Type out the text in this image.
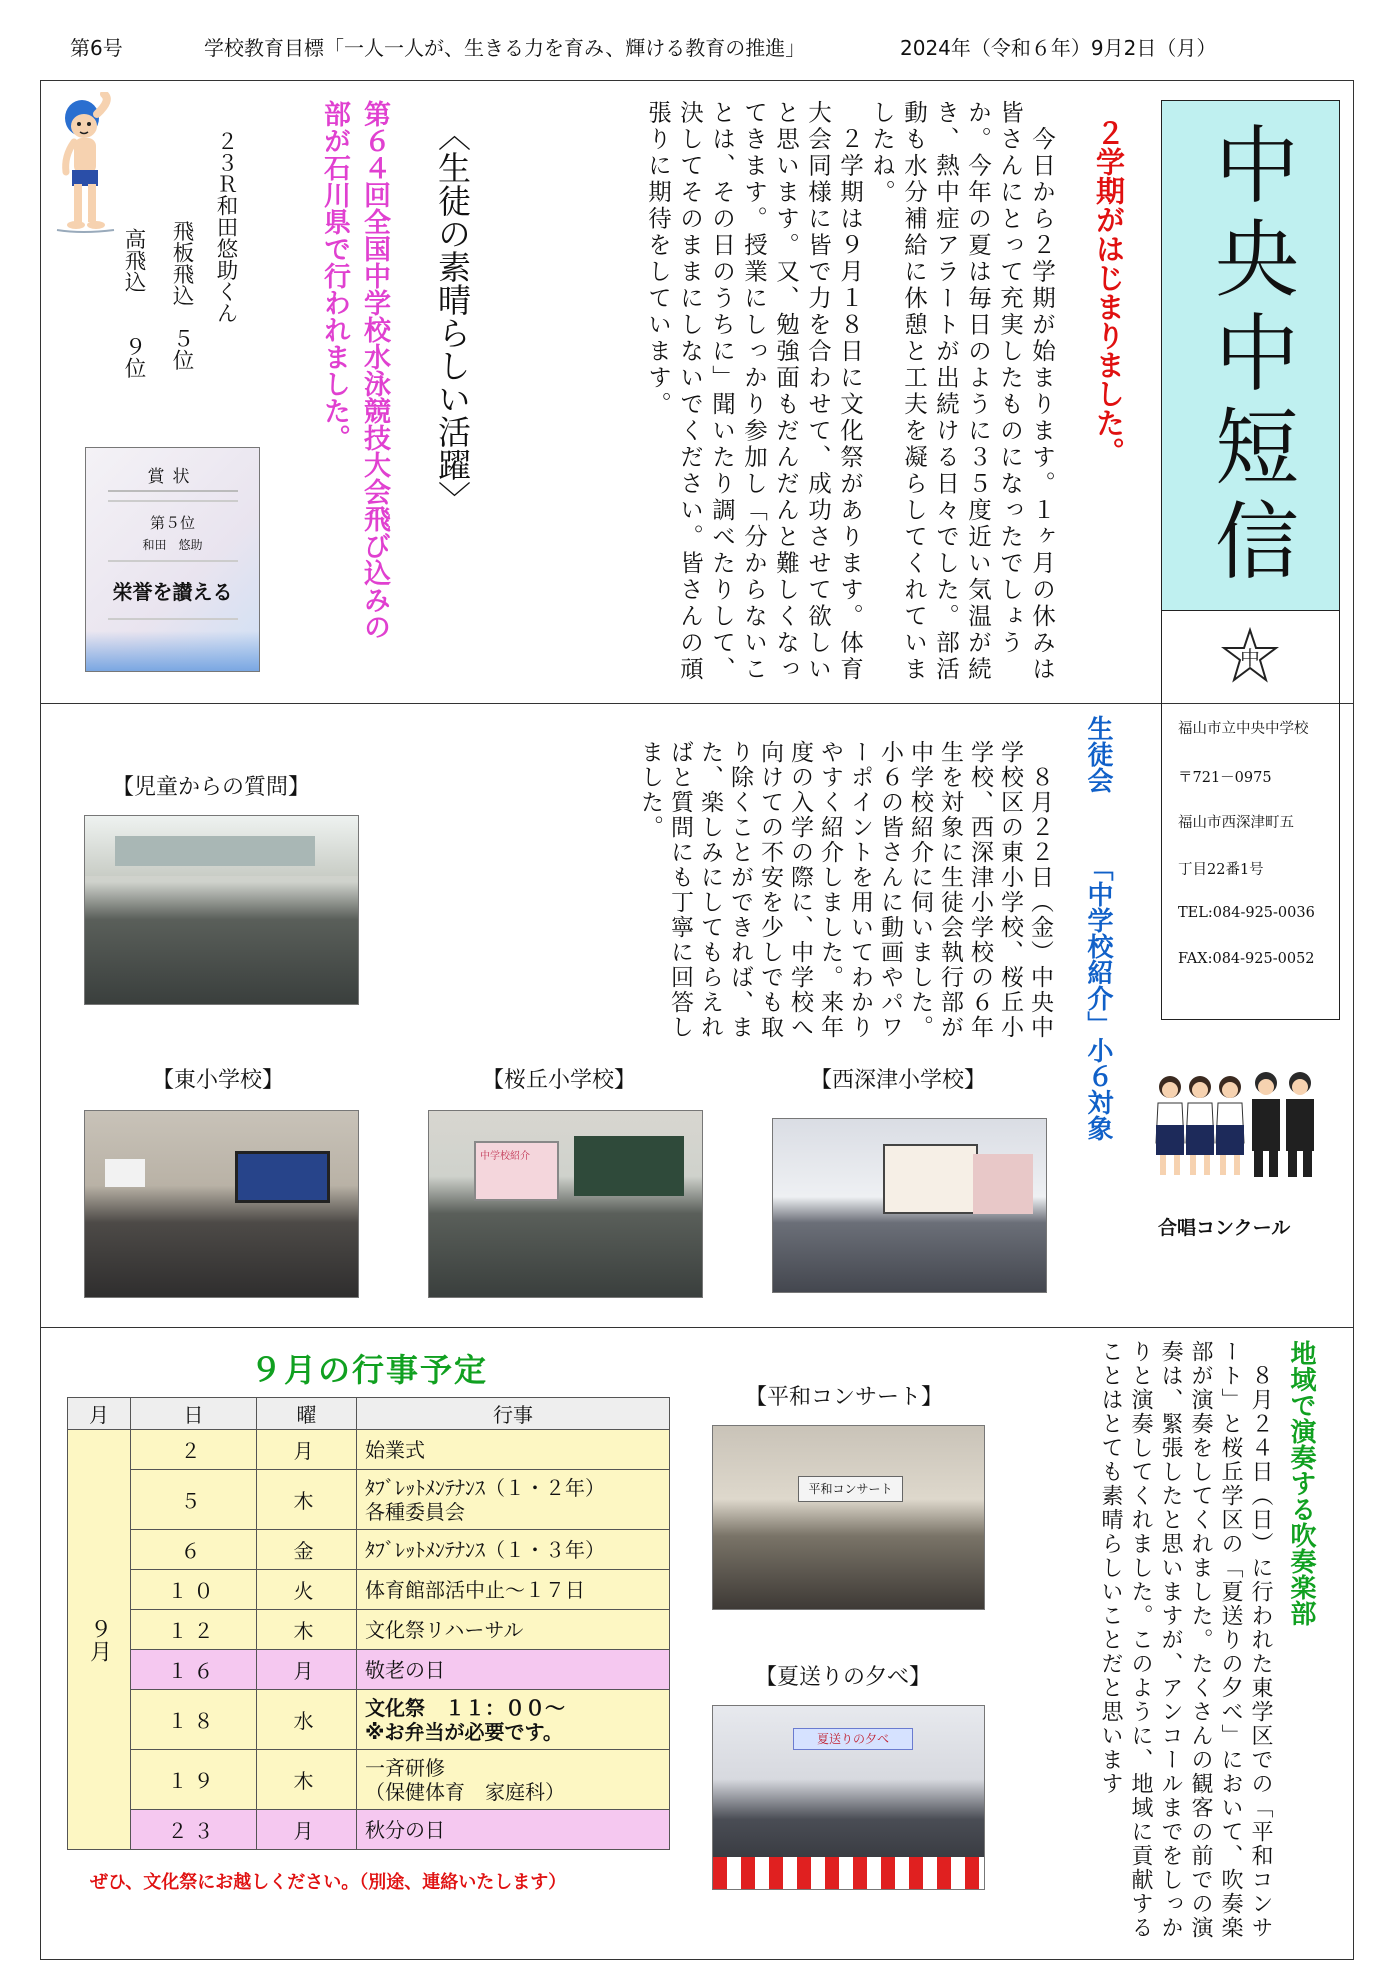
第6号	学校教育目標「一人一人が、生きる力を育み、輝ける教育の推進」	2024年（令和６年）9月2日（月）
中央中短信
中
福山市立中央中学校
〒721－0975
福山市西深津町五
丁目22番1号
TEL:084-925-0036
FAX:084-925-0052
２学期がはじまりました。
　今日から２学期が始まります。１ヶ月の休みは皆さんにとって充実したものになったでしょうか。今年の夏は毎日のように３５度近い気温が続き、熱中症アラートが出続ける日々でした。部活動も水分補給に休憩と工夫を凝らしてくれていましたね。
　２学期は９月１８日に文化祭があります。体育大会同様に皆で力を合わせて、成功させて欲しいと思います。又、勉強面もだんだんと難しくなってきます。授業にしっかり参加し「分からないことは、その日のうちに」聞いたり調べたりして、決してそのままにしないでください。皆さんの頑張りに期待をしています。
〈生徒の素晴らしい活躍〉
第６４回全国中学校水泳競技大会飛び込みの部が石川県で行われました。
２３Ｒ和田悠助くん
飛板飛込　５位
高飛込　　９位
賞状
第５位
和田　悠助
栄誉を讃える
生徒会
「中学校紹介」小６対象
　８月２２日（金）中央中学校区の東小学校、桜丘小学校、西深津小学校の６年生を対象に生徒会執行部が中学校紹介に伺いました。小６の皆さんに動画やパワーポイントを用いてわかりやすく紹介しました。来年度の入学の際に、中学校へ向けての不安を少しでも取り除くことができれば、また、楽しみにしてもらえればと質問にも丁寧に回答しました。
合唱コンクール
【児童からの質問】
【東小学校】	【桜丘小学校】
中学校紹介
【西深津小学校】
９月の行事予定
月	日	曜	行事

９月	２	月	始業式

	５	木	ﾀﾌﾞﾚｯﾄﾒﾝﾃﾅﾝｽ（１・２年）
各種委員会

	６	金	ﾀﾌﾞﾚｯﾄﾒﾝﾃﾅﾝｽ（１・３年）

	１０	火	体育館部活中止～１７日

	１２	木	文化祭リハーサル

	１６	月	敬老の日

	１８	水	文化祭　１１：００～
※お弁当が必要です。

	１９	木	一斉研修
（保健体育　家庭科）

	２３	月	秋分の日
ぜひ、文化祭にお越しください。（別途、連絡いたします）
【平和コンサート】
平和コンサート
【夏送りの夕べ】
夏送りの夕べ
地域で演奏する吹奏楽部
　８月２４日（日）に行われた東学区での「平和コンサート」と桜丘学区の「夏送りの夕べ」において、吹奏楽部が演奏をしてくれました。たくさんの観客の前での演奏は、緊張したと思いますが、アンコールまでをしっかりと演奏してくれました。このように、地域に貢献することはとても素晴らしいことだと思います
